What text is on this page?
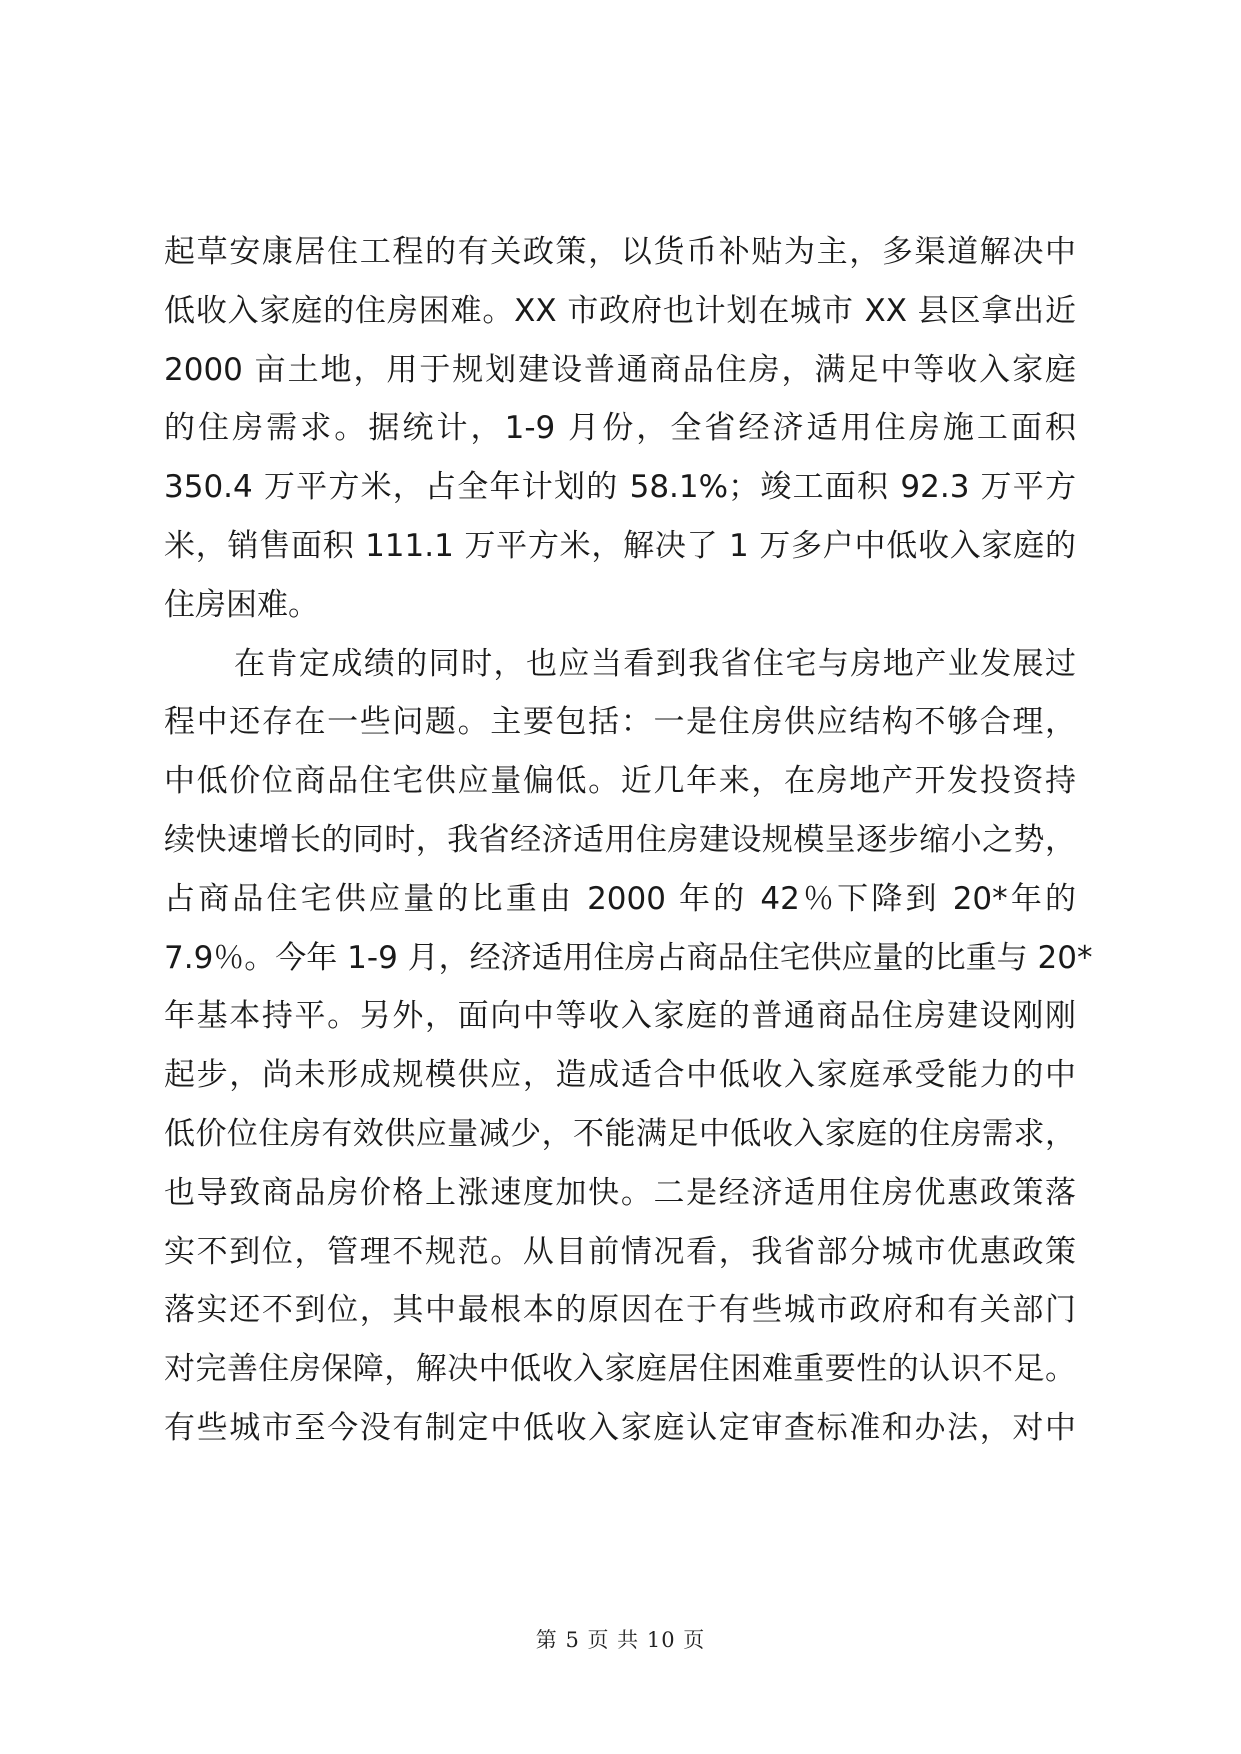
起草安康居住工程的有关政策，以货币补贴为主，多渠道解决中
低收入家庭的住房困难。XX 市政府也计划在城市 XX 县区拿出近
2000 亩土地，用于规划建设普通商品住房，满足中等收入家庭
的住房需求。据统计，1-9 月份，全省经济适用住房施工面积
350.4 万平方米，占全年计划的 58.1%；竣工面积 92.3 万平方
米，销售面积 111.1 万平方米，解决了 1 万多户中低收入家庭的
住房困难。
在肯定成绩的同时，也应当看到我省住宅与房地产业发展过
程中还存在一些问题。主要包括：一是住房供应结构不够合理，
中低价位商品住宅供应量偏低。近几年来，在房地产开发投资持
续快速增长的同时，我省经济适用住房建设规模呈逐步缩小之势，
占商品住宅供应量的比重由 2000 年的 42％下降到 20*年的
7.9％。今年 1-9 月，经济适用住房占商品住宅供应量的比重与 20*
年基本持平。另外，面向中等收入家庭的普通商品住房建设刚刚
起步，尚未形成规模供应，造成适合中低收入家庭承受能力的中
低价位住房有效供应量减少，不能满足中低收入家庭的住房需求，
也导致商品房价格上涨速度加快。二是经济适用住房优惠政策落
实不到位，管理不规范。从目前情况看，我省部分城市优惠政策
落实还不到位，其中最根本的原因在于有些城市政府和有关部门
对完善住房保障，解决中低收入家庭居住困难重要性的认识不足。
有些城市至今没有制定中低收入家庭认定审查标准和办法，对中
第 5 页 共 10 页
